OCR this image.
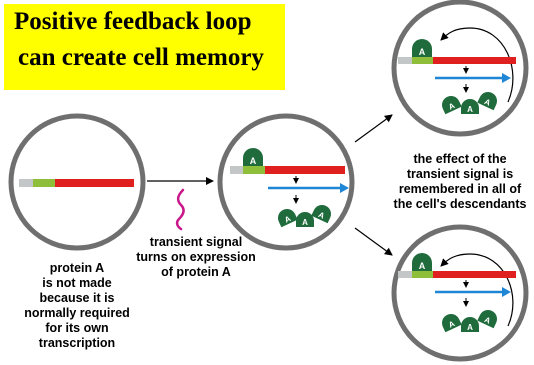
Positive feedback loop
can create cell memory
A
A A
A
A
A A
A
A
A A
A
protein A
is not made
because it is
normally required
for its own
transcription
transient signal
turns on expression
of protein A
the effect of the
transient signal is
remembered in all of
the cell's descendants
